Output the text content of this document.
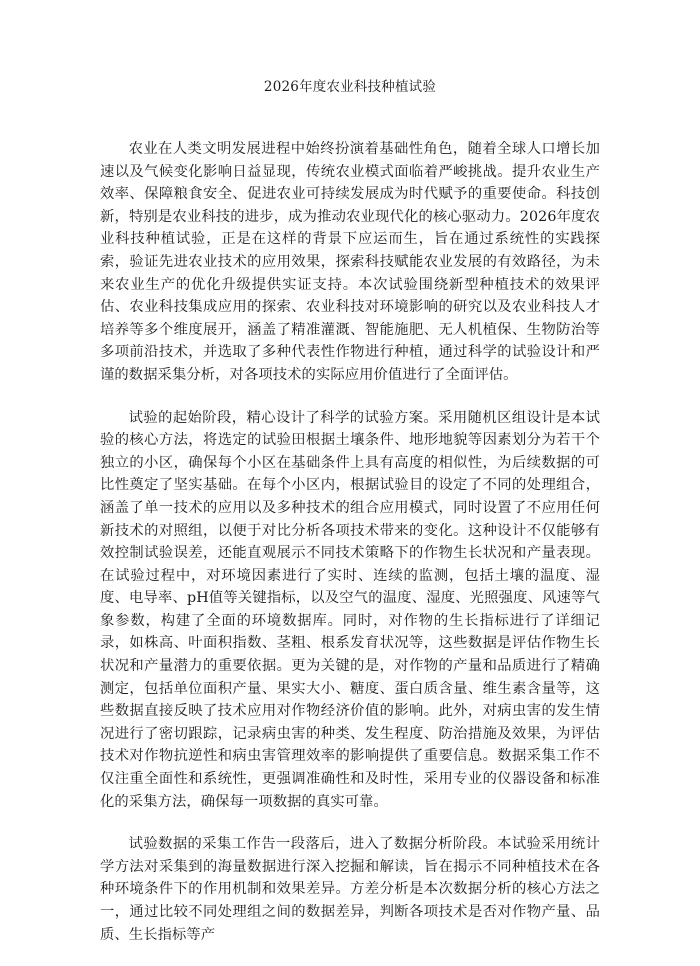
2026年度农业科技种植试验

农业在人类文明发展进程中始终扮演着基础性角色，随着全球人口增长加速以及气候变化影响日益显现，传统农业模式面临着严峻挑战。提升农业生产效率、保障粮食安全、促进农业可持续发展成为时代赋予的重要使命。科技创新，特别是农业科技的进步，成为推动农业现代化的核心驱动力。2026年度农业科技种植试验，正是在这样的背景下应运而生，旨在通过系统性的实践探索，验证先进农业技术的应用效果，探索科技赋能农业发展的有效路径，为未来农业生产的优化升级提供实证支持。本次试验围绕新型种植技术的效果评估、农业科技集成应用的探索、农业科技对环境影响的研究以及农业科技人才培养等多个维度展开，涵盖了精准灌溉、智能施肥、无人机植保、生物防治等多项前沿技术，并选取了多种代表性作物进行种植，通过科学的试验设计和严谨的数据采集分析，对各项技术的实际应用价值进行了全面评估。

试验的起始阶段，精心设计了科学的试验方案。采用随机区组设计是本试验的核心方法，将选定的试验田根据土壤条件、地形地貌等因素划分为若干个独立的小区，确保每个小区在基础条件上具有高度的相似性，为后续数据的可比性奠定了坚实基础。在每个小区内，根据试验目的设定了不同的处理组合，涵盖了单一技术的应用以及多种技术的组合应用模式，同时设置了不应用任何新技术的对照组，以便于对比分析各项技术带来的变化。这种设计不仅能够有效控制试验误差，还能直观展示不同技术策略下的作物生长状况和产量表现。在试验过程中，对环境因素进行了实时、连续的监测，包括土壤的温度、湿度、电导率、pH值等关键指标，以及空气的温度、湿度、光照强度、风速等气象参数，构建了全面的环境数据库。同时，对作物的生长指标进行了详细记录，如株高、叶面积指数、茎粗、根系发育状况等，这些数据是评估作物生长状况和产量潜力的重要依据。更为关键的是，对作物的产量和品质进行了精确测定，包括单位面积产量、果实大小、糖度、蛋白质含量、维生素含量等，这些数据直接反映了技术应用对作物经济价值的影响。此外，对病虫害的发生情况进行了密切跟踪，记录病虫害的种类、发生程度、防治措施及效果，为评估技术对作物抗逆性和病虫害管理效率的影响提供了重要信息。数据采集工作不仅注重全面性和系统性，更强调准确性和及时性，采用专业的仪器设备和标准化的采集方法，确保每一项数据的真实可靠。

试验数据的采集工作告一段落后，进入了数据分析阶段。本试验采用统计学方法对采集到的海量数据进行深入挖掘和解读，旨在揭示不同种植技术在各种环境条件下的作用机制和效果差异。方差分析是本次数据分析的核心方法之一，通过比较不同处理组之间的数据差异，判断各项技术是否对作物产量、品质、生长指标等产
